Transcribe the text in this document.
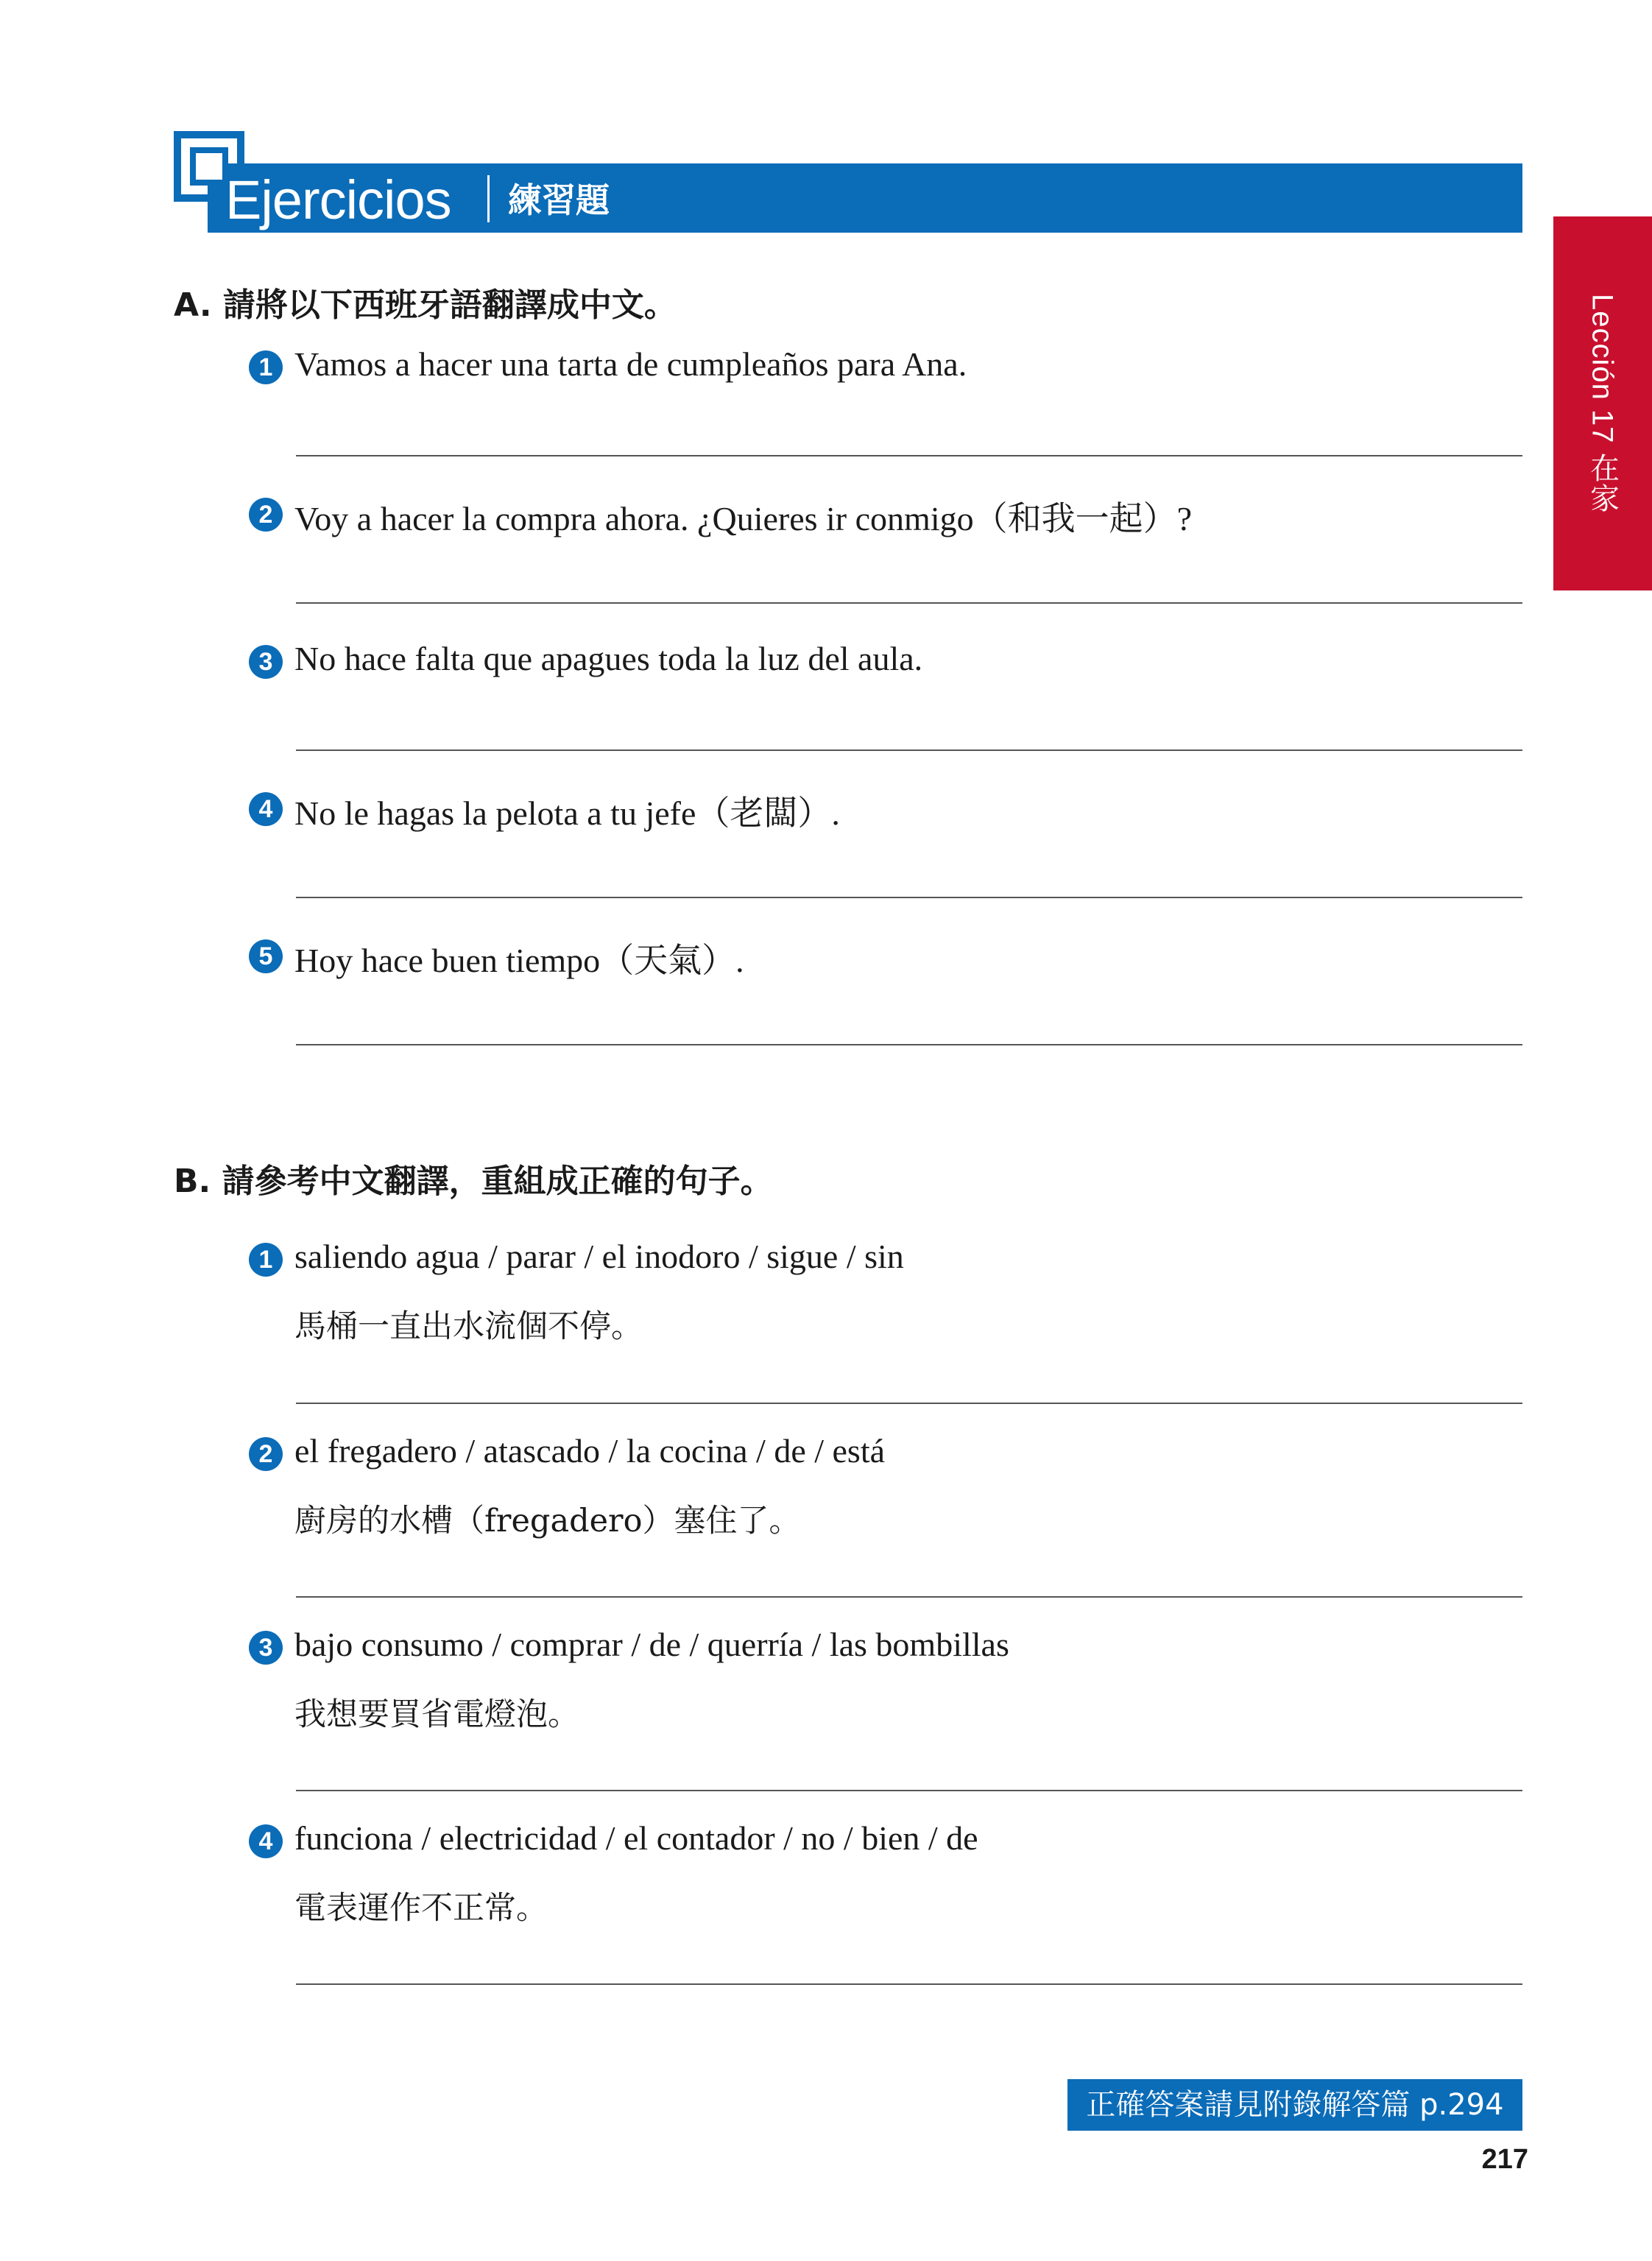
Ejercicios 練習題
Lección 17 在家
A. 請將以下西班牙語翻譯成中文。
1 Vamos a hacer una tarta de cumpleaños para Ana.
2 Voy a hacer la compra ahora. ¿Quieres ir conmigo（和我一起）?
3 No hace falta que apagues toda la luz del aula.
4 No le hagas la pelota a tu jefe（老闆）.
5 Hoy hace buen tiempo（天氣）.
B. 請參考中文翻譯，重組成正確的句子。
1 saliendo agua / parar / el inodoro / sigue / sin
馬桶一直出水流個不停。
2 el fregadero / atascado / la cocina / de / está
廚房的水槽（fregadero）塞住了。
3 bajo consumo / comprar / de / querría / las bombillas
我想要買省電燈泡。
4 funciona / electricidad / el contador / no / bien / de
電表運作不正常。
正確答案請見附錄解答篇 p.294
217
